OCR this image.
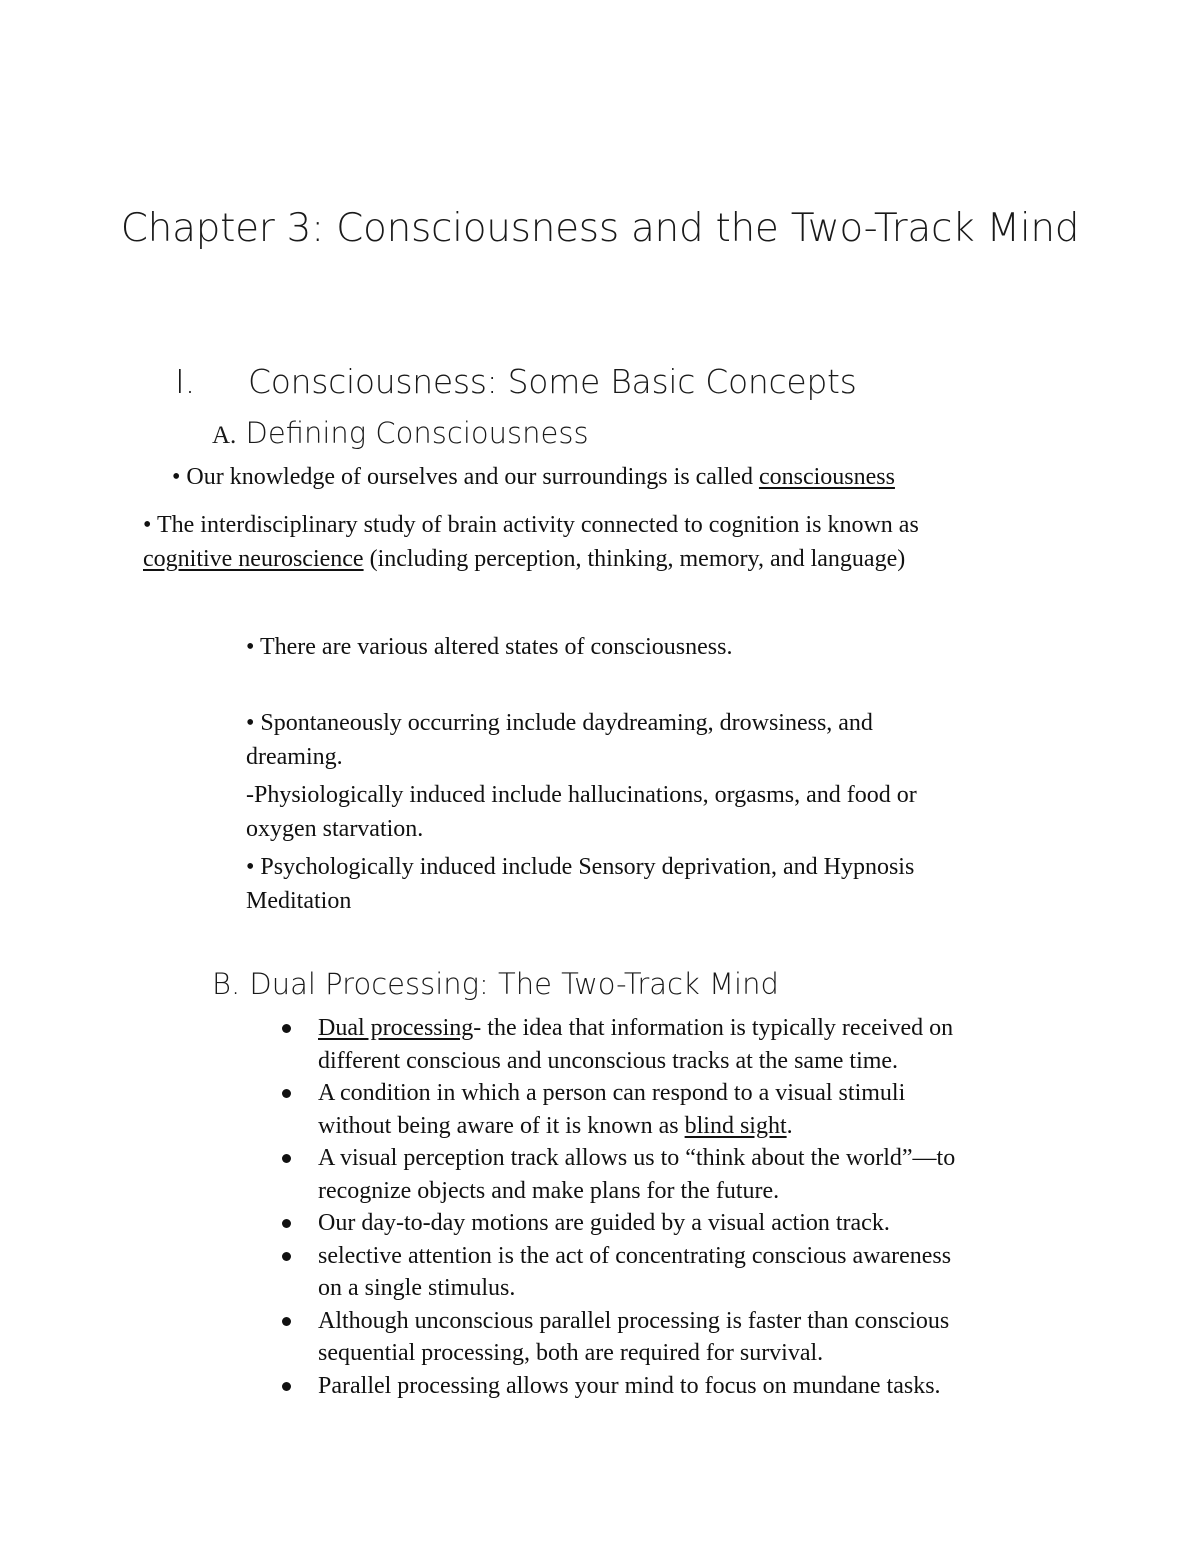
Chapter 3: Consciousness and the Two-Track Mind
I. Consciousness: Some Basic Concepts
A. Defining Consciousness
• Our knowledge of ourselves and our surroundings is called consciousness
• The interdisciplinary study of brain activity connected to cognition is known as
cognitive neuroscience (including perception, thinking, memory, and language)
• There are various altered states of consciousness.
• Spontaneously occurring include daydreaming, drowsiness, and
dreaming.
-Physiologically induced include hallucinations, orgasms, and food or
oxygen starvation.
• Psychologically induced include Sensory deprivation, and Hypnosis
Meditation
B. Dual Processing: The Two-Track Mind
Dual processing- the idea that information is typically received on
different conscious and unconscious tracks at the same time.
A condition in which a person can respond to a visual stimuli
without being aware of it is known as blind sight.
A visual perception track allows us to “think about the world”—to
recognize objects and make plans for the future.
Our day-to-day motions are guided by a visual action track.
selective attention is the act of concentrating conscious awareness
on a single stimulus.
Although unconscious parallel processing is faster than conscious
sequential processing, both are required for survival.
Parallel processing allows your mind to focus on mundane tasks.
